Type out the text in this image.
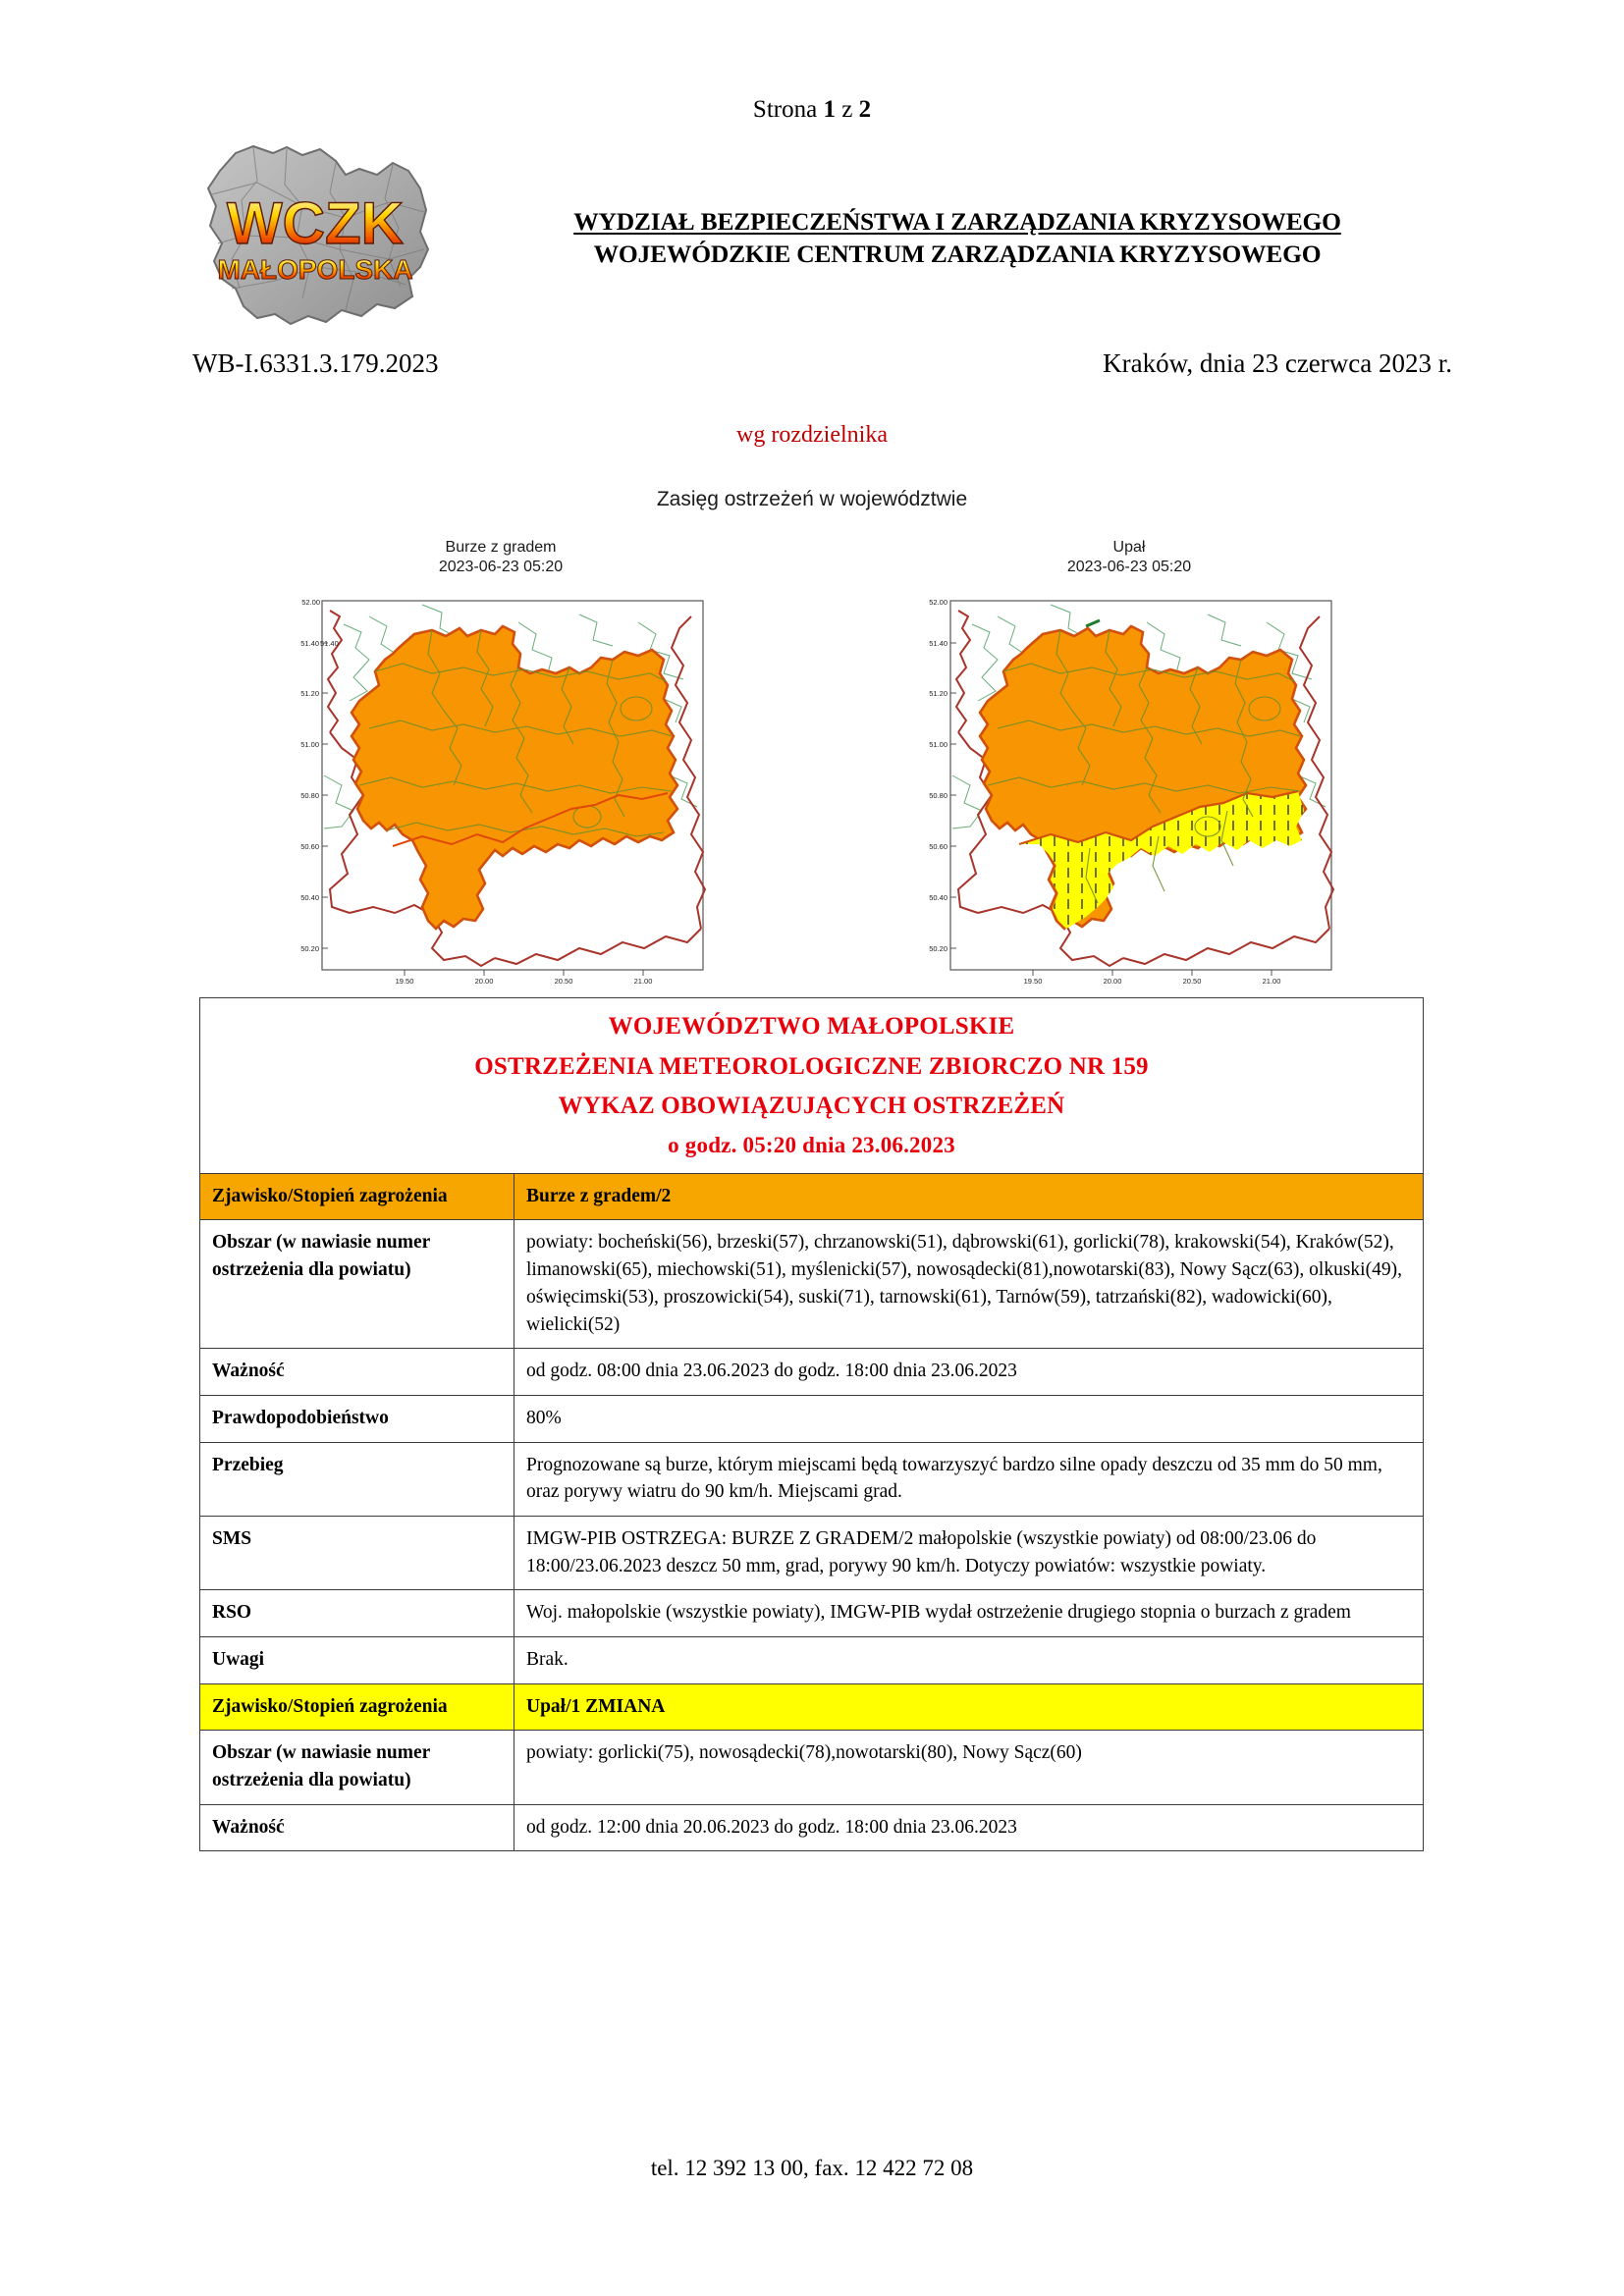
Strona 1 z 2
WCZK
MAŁOPOLSKA
WYDZIAŁ BEZPIECZEŃSTWA I ZARZĄDZANIA KRYZYSOWEGO
WOJEWÓDZKIE CENTRUM ZARZĄDZANIA KRYZYSOWEGO
WB-I.6331.3.179.2023	Kraków, dnia 23 czerwca 2023 r.
wg rozdzielnika
Zasięg ostrzeżeń w województwie
Burze z gradem
2023-06-23 05:20
52.00
51.40
51.40
51.20
51.00
50.80
50.60
50.40
50.20
19.50	20.00	20.50	21.00
Upał
2023-06-23 05:20
52.00
51.40
51.20
51.00
50.80
50.60
50.40
50.20
19.50	20.00	20.50	21.00
WOJEWÓDZTWO MAŁOPOLSKIE
OSTRZEŻENIA METEOROLOGICZNE ZBIORCZO NR 159
WYKAZ OBOWIĄZUJĄCYCH OSTRZEŻEŃ
o godz. 05:20 dnia 23.06.2023	

Zjawisko/Stopień zagrożenia	Burze z gradem/2
Obszar (w nawiasie numer ostrzeżenia dla powiatu)	powiaty: bocheński(56), brzeski(57), chrzanowski(51), dąbrowski(61), gorlicki(78), krakowski(54), Kraków(52), limanowski(65), miechowski(51), myślenicki(57), nowosądecki(81),nowotarski(83), Nowy Sącz(63), olkuski(49), oświęcimski(53), proszowicki(54), suski(71), tarnowski(61), Tarnów(59), tatrzański(82), wadowicki(60), wielicki(52)
Ważność	od godz. 08:00 dnia 23.06.2023 do godz. 18:00 dnia 23.06.2023
Prawdopodobieństwo	80%
Przebieg	Prognozowane są burze, którym miejscami będą towarzyszyć bardzo silne opady deszczu od 35 mm do 50 mm, oraz porywy wiatru do 90 km/h. Miejscami grad.
SMS	IMGW-PIB OSTRZEGA: BURZE Z GRADEM/2 małopolskie (wszystkie powiaty) od 08:00/23.06 do 18:00/23.06.2023 deszcz 50 mm, grad, porywy 90 km/h. Dotyczy powiatów: wszystkie powiaty.
RSO	Woj. małopolskie (wszystkie powiaty), IMGW-PIB wydał ostrzeżenie drugiego stopnia o burzach z gradem
Uwagi	Brak.
Zjawisko/Stopień zagrożenia	Upał/1 ZMIANA
Obszar (w nawiasie numer ostrzeżenia dla powiatu)	powiaty: gorlicki(75), nowosądecki(78),nowotarski(80), Nowy Sącz(60)
Ważność	od godz. 12:00 dnia 20.06.2023 do godz. 18:00 dnia 23.06.2023
tel. 12 392 13 00, fax. 12 422 72 08
